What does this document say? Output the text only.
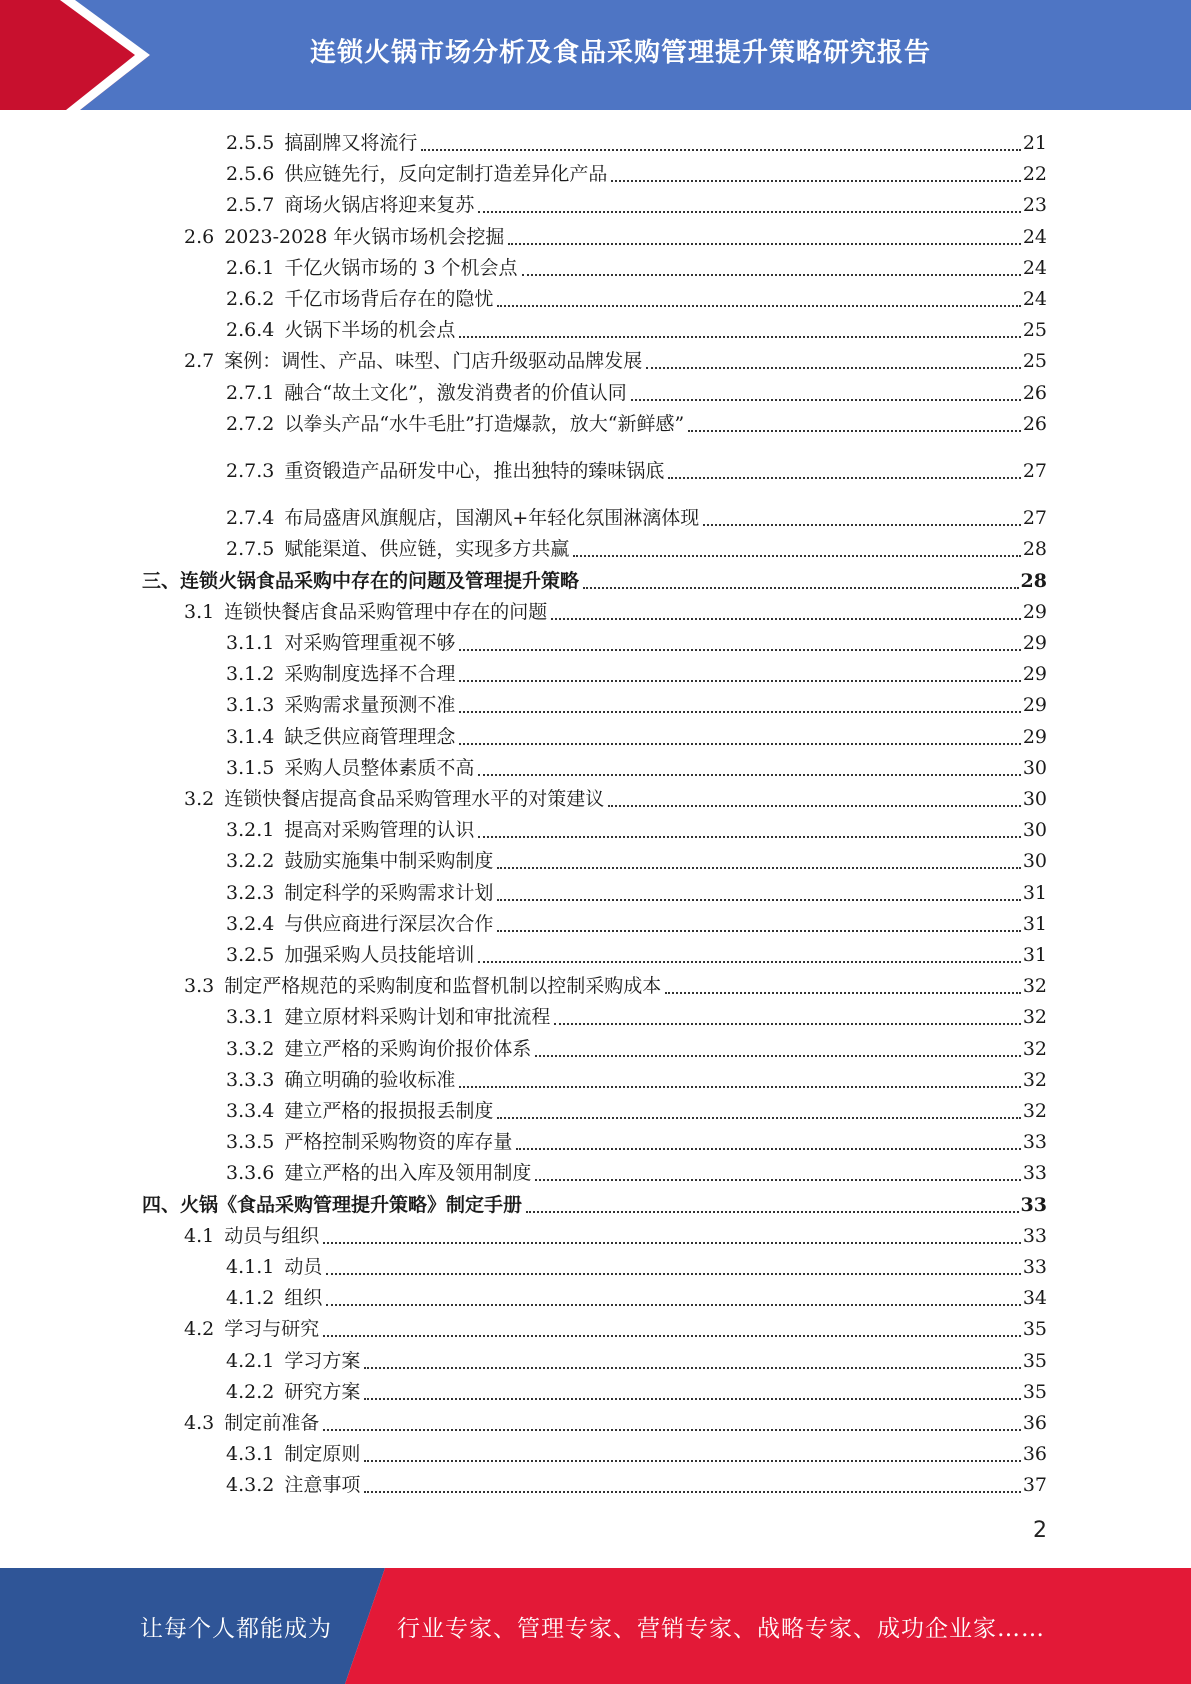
连锁火锅市场分析及食品采购管理提升策略研究报告
2.5.5 搞副牌又将流行	21
2.5.6 供应链先行，反向定制打造差异化产品	22
2.5.7 商场火锅店将迎来复苏	23
2.6 2023-2028 年火锅市场机会挖掘	24
2.6.1 千亿火锅市场的 3 个机会点	24
2.6.2 千亿市场背后存在的隐忧	24
2.6.4 火锅下半场的机会点	25
2.7 案例：调性、产品、味型、门店升级驱动品牌发展	25
2.7.1 融合“故土文化”，激发消费者的价值认同	26
2.7.2 以拳头产品“水牛毛肚”打造爆款，放大“新鲜感”	26
2.7.3 重资锻造产品研发中心，推出独特的臻味锅底	27
2.7.4 布局盛唐风旗舰店，国潮风+年轻化氛围淋漓体现	27
2.7.5 赋能渠道、供应链，实现多方共赢	28
三、连锁火锅食品采购中存在的问题及管理提升策略	28
3.1 连锁快餐店食品采购管理中存在的问题	29
3.1.1 对采购管理重视不够	29
3.1.2 采购制度选择不合理	29
3.1.3 采购需求量预测不准	29
3.1.4 缺乏供应商管理理念	29
3.1.5 采购人员整体素质不高	30
3.2 连锁快餐店提高食品采购管理水平的对策建议	30
3.2.1 提高对采购管理的认识	30
3.2.2 鼓励实施集中制采购制度	30
3.2.3 制定科学的采购需求计划	31
3.2.4 与供应商进行深层次合作	31
3.2.5 加强采购人员技能培训	31
3.3 制定严格规范的采购制度和监督机制以控制采购成本	32
3.3.1 建立原材料采购计划和审批流程	32
3.3.2 建立严格的采购询价报价体系	32
3.3.3 确立明确的验收标准	32
3.3.4 建立严格的报损报丢制度	32
3.3.5 严格控制采购物资的库存量	33
3.3.6 建立严格的出入库及领用制度	33
四、火锅《食品采购管理提升策略》制定手册	33
4.1 动员与组织	33
4.1.1 动员	33
4.1.2 组织	34
4.2 学习与研究	35
4.2.1 学习方案	35
4.2.2 研究方案	35
4.3 制定前准备	36
4.3.1 制定原则	36
4.3.2 注意事项	37
2
让每个人都能成为	行业专家、管理专家、营销专家、战略专家、成功企业家……
